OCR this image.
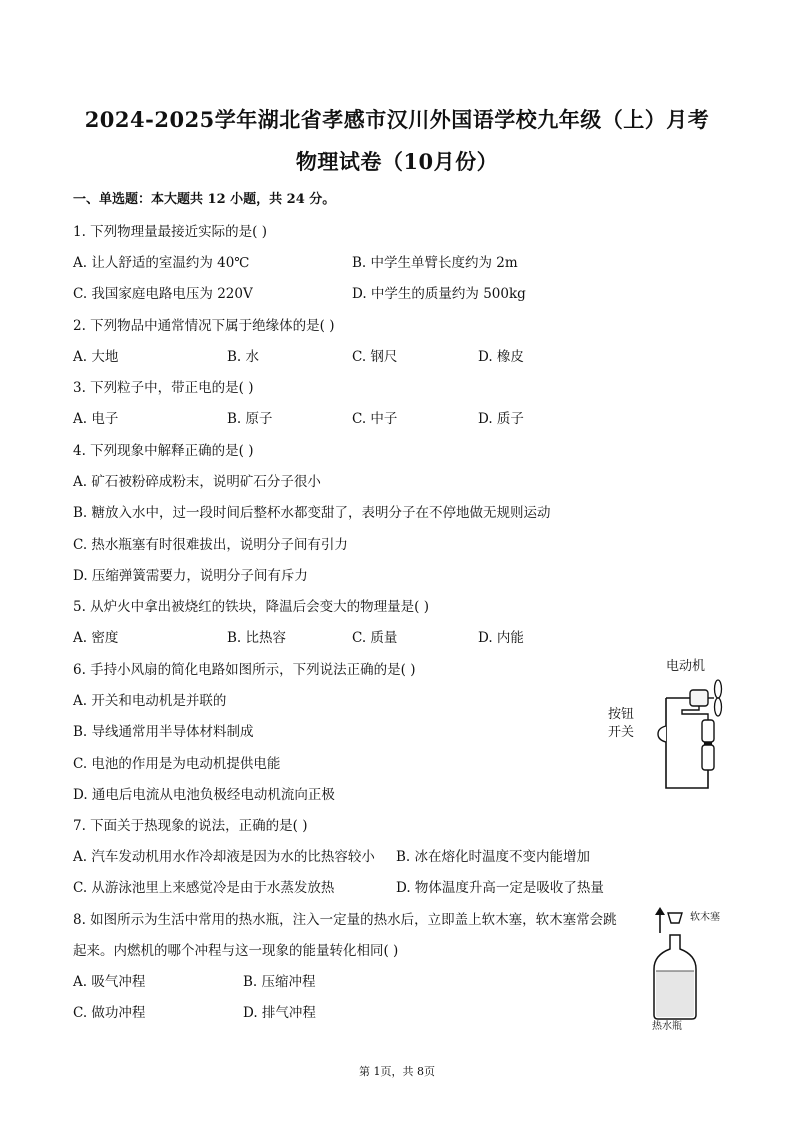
2024-2025学年湖北省孝感市汉川外国语学校九年级（上）月考
物理试卷（10月份）
一、单选题：本大题共 12 小题，共 24 分。
1. 下列物理量最接近实际的是( )
A. 让人舒适的室温约为 40℃	B. 中学生单臂长度约为 2m
C. 我国家庭电路电压为 220V	D. 中学生的质量约为 500kg
2. 下列物品中通常情况下属于绝缘体的是( )
A. 大地	B. 水	C. 钢尺	D. 橡皮
3. 下列粒子中，带正电的是( )
A. 电子	B. 原子	C. 中子	D. 质子
4. 下列现象中解释正确的是( )
A. 矿石被粉碎成粉末，说明矿石分子很小
B. 糖放入水中，过一段时间后整杯水都变甜了，表明分子在不停地做无规则运动
C. 热水瓶塞有时很难拔出，说明分子间有引力
D. 压缩弹簧需要力，说明分子间有斥力
5. 从炉火中拿出被烧红的铁块，降温后会变大的物理量是( )
A. 密度	B. 比热容	C. 质量	D. 内能
6. 手持小风扇的简化电路如图所示，下列说法正确的是( )
A. 开关和电动机是并联的
B. 导线通常用半导体材料制成
C. 电池的作用是为电动机提供电能
D. 通电后电流从电池负极经电动机流向正极
电动机
按钮
开关
7. 下面关于热现象的说法，正确的是( )
A. 汽车发动机用水作冷却液是因为水的比热容较小 B. 冰在熔化时温度不变内能增加
C. 从游泳池里上来感觉冷是由于水蒸发放热	D. 物体温度升高一定是吸收了热量
8. 如图所示为生活中常用的热水瓶，注入一定量的热水后，立即盖上软木塞，软木塞常会跳
起来。内燃机的哪个冲程与这一现象的能量转化相同( )
A. 吸气冲程	B. 压缩冲程
C. 做功冲程	D. 排气冲程
软木塞
热水瓶
第 1页，共 8页
